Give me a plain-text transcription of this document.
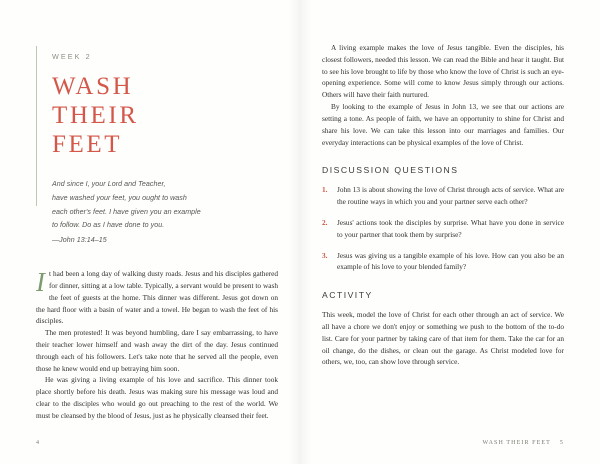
WEEK 2
WASH
THEIR
FEET
And since I, your Lord and Teacher,
have washed your feet, you ought to wash
each other's feet. I have given you an example
to follow. Do as I have done to you.
—John 13:14–15

It had been a long day of walking dusty roads. Jesus and his disciples gathered for dinner, sitting at a low table. Typically, a servant would be present to wash the feet of guests at the home. This dinner was different. Jesus got down on the hard floor with a basin of water and a towel. He began to wash the feet of his disciples.

The men protested! It was beyond humbling, dare I say embarrassing, to have their teacher lower himself and wash away the dirt of the day. Jesus continued through each of his followers. Let's take note that he served all the people, even those he knew would end up betraying him soon.

He was giving a living example of his love and sacrifice. This dinner took place shortly before his death. Jesus was making sure his message was loud and clear to the disciples who would go out preaching to the rest of the world. We must be cleansed by the blood of Jesus, just as he physically cleansed their feet.

4

A living example makes the love of Jesus tangible. Even the disciples, his closest followers, needed this lesson. We can read the Bible and hear it taught. But to see his love brought to life by those who know the love of Christ is such an eye-opening experience. Some will come to know Jesus simply through our actions. Others will have their faith nurtured.

By looking to the example of Jesus in John 13, we see that our actions are setting a tone. As people of faith, we have an opportunity to shine for Christ and share his love. We can take this lesson into our marriages and families. Our everyday interactions can be physical examples of the love of Christ.

DISCUSSION QUESTIONS
1. John 13 is about showing the love of Christ through acts of service. What are the routine ways in which you and your partner serve each other?
2. Jesus' actions took the disciples by surprise. What have you done in service to your partner that took them by surprise?
3. Jesus was giving us a tangible example of his love. How can you also be an example of his love to your blended family?
ACTIVITY

This week, model the love of Christ for each other through an act of service. We all have a chore we don't enjoy or something we push to the bottom of the to-do list. Care for your partner by taking care of that item for them. Take the car for an oil change, do the dishes, or clean out the garage. As Christ modeled love for others, we, too, can show love through service.

WASH THEIR FEET 5
